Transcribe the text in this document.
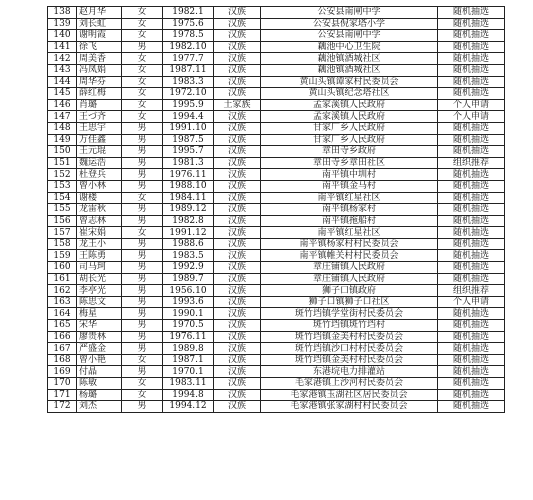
138	赵月华	女	1982.1	汉族	公安县南闸中学	随机抽选
139	刘长虹	女	1975.6	汉族	公安县倪家塔小学	随机抽选
140	谢明霞	女	1978.5	汉族	公安县南闸中学	随机抽选
141	徐飞	男	1982.10	汉族	藕池中心卫生院	随机抽选
142	周美香	女	1977.7	汉族	藕池镇酒城社区	随机抽选
143	冯凤娟	女	1987.11	汉族	藕池镇酒城社区	随机抽选
144	周华芬	女	1983.3	汉族	黄山头镇谭家村民委员会	随机抽选
145	薛红梅	女	1972.10	汉族	黄山头镇纪念塔社区	随机抽选
146	肖璐	女	1995.9	土家族	孟家溪镇人民政府	个人申请
147	王づ齐	女	1994.4	汉族	孟家溪镇人民政府	个人申请
148	王思宇	男	1991.10	汉族	甘家厂乡人民政府	随机抽选
149	万佳鑫	男	1987.5	汉族	甘家厂乡人民政府	随机抽选
150	王元琨	男	1995.7	汉族	章田寺乡政府	随机抽选
151	魏运浩	男	1981.3	汉族	章田寺乡章田社区	组织推荐
152	杜登兵	男	1976.11	汉族	南平镇中圳村	随机抽选
153	曾小林	男	1988.10	汉族	南平镇金马村	随机抽选
154	谢楼	女	1984.11	汉族	南平镇红星社区	随机抽选
155	龙雷秋	男	1989.12	汉族	南平镇杨家村	随机抽选
156	曾志林	男	1982.8	汉族	南平镇拖船村	随机抽选
157	崔宋娟	女	1991.12	汉族	南平镇红星社区	随机抽选
158	龙王小	男	1988.6	汉族	南平镇杨家村村民委员会	随机抽选
159	王陈勇	男	1983.5	汉族	南平镇帷关村村民委员会	随机抽选
160	司马珂	男	1992.9	汉族	章庄铺镇人民政府	随机抽选
161	胡长光	男	1989.7	汉族	章庄铺镇人民政府	随机抽选
162	李亭光	男	1956.10	汉族	狮子口镇政府	组织推荐
163	陈思文	男	1993.6	汉族	狮子口镇狮子口社区	个人申请
164	梅星	男	1990.1	汉族	斑竹垱镇学堂街村民委员会	随机抽选
165	宋华	男	1970.5	汉族	斑竹垱镇斑竹垱村	随机抽选
166	廖贵林	男	1976.11	汉族	斑竹垱镇金美村村民委员会	随机抽选
167	严盛金	男	1989.8	汉族	斑竹垱镇沙口村村民委员会	随机抽选
168	曾小艳	女	1987.1	汉族	斑竹垱镇金美村村民委员会	随机抽选
169	付晶	男	1970.1	汉族	东港垸电力排灌站	随机抽选
170	陈敏	女	1983.11	汉族	毛家港镇上沙河村民委员会	随机抽选
171	杨璐	女	1994.8	汉族	毛家港镇玉湖社区居民委员会	随机抽选
172	刘杰	男	1994.12	汉族	毛家港镇张家湖村村民委员会	随机抽选
